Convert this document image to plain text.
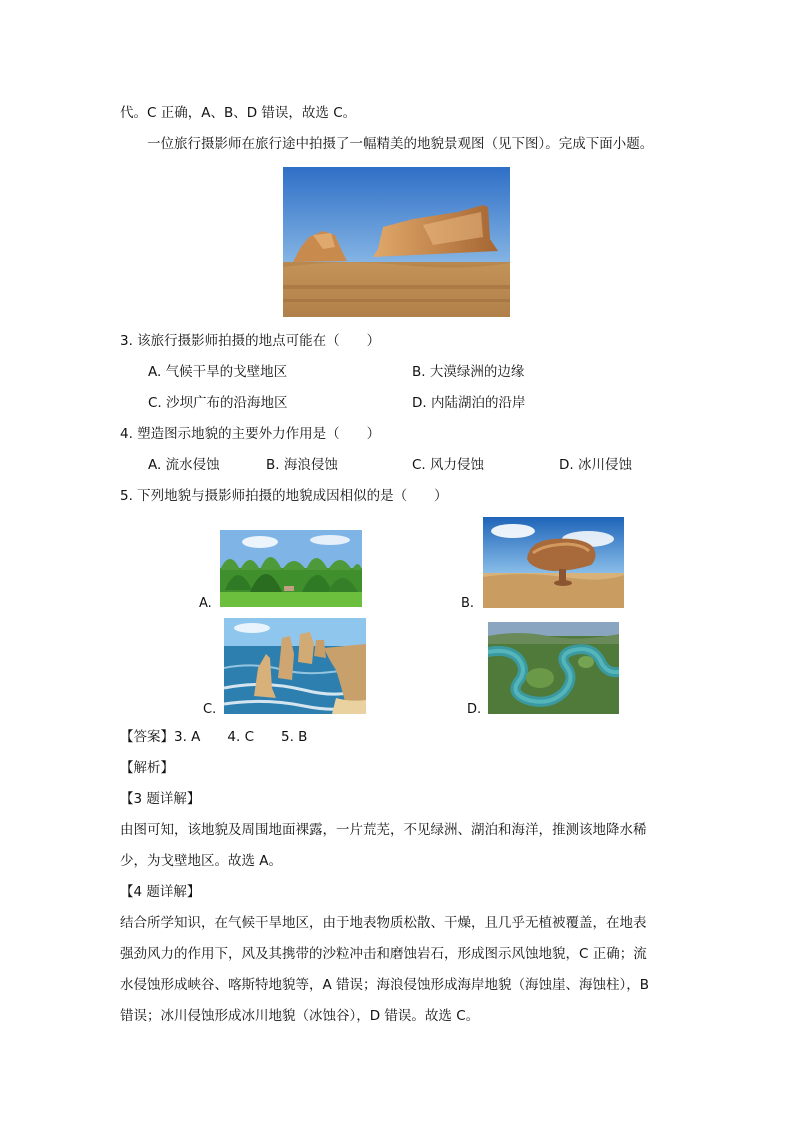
代。C 正确，A、B、D 错误，故选 C。
一位旅行摄影师在旅行途中拍摄了一幅精美的地貌景观图（见下图）。完成下面小题。
3. 该旅行摄影师拍摄的地点可能在（　　）
A. 气候干旱的戈壁地区	B. 大漠绿洲的边缘
C. 沙坝广布的沿海地区	D. 内陆湖泊的沿岸
4. 塑造图示地貌的主要外力作用是（　　）
A. 流水侵蚀	B. 海浪侵蚀	C. 风力侵蚀	D. 冰川侵蚀
5. 下列地貌与摄影师拍摄的地貌成因相似的是（　　）
A.	B.
C.	D.
【答案】3. A　　4. C　　5. B
【解析】
【3 题详解】
由图可知，该地貌及周围地面裸露，一片荒芜，不见绿洲、湖泊和海洋，推测该地降水稀
少，为戈壁地区。故选 A。
【4 题详解】
结合所学知识，在气候干旱地区，由于地表物质松散、干燥，且几乎无植被覆盖，在地表
强劲风力的作用下，风及其携带的沙粒冲击和磨蚀岩石，形成图示风蚀地貌，C 正确；流
水侵蚀形成峡谷、喀斯特地貌等，A 错误；海浪侵蚀形成海岸地貌（海蚀崖、海蚀柱），B
错误；冰川侵蚀形成冰川地貌（冰蚀谷），D 错误。故选 C。
